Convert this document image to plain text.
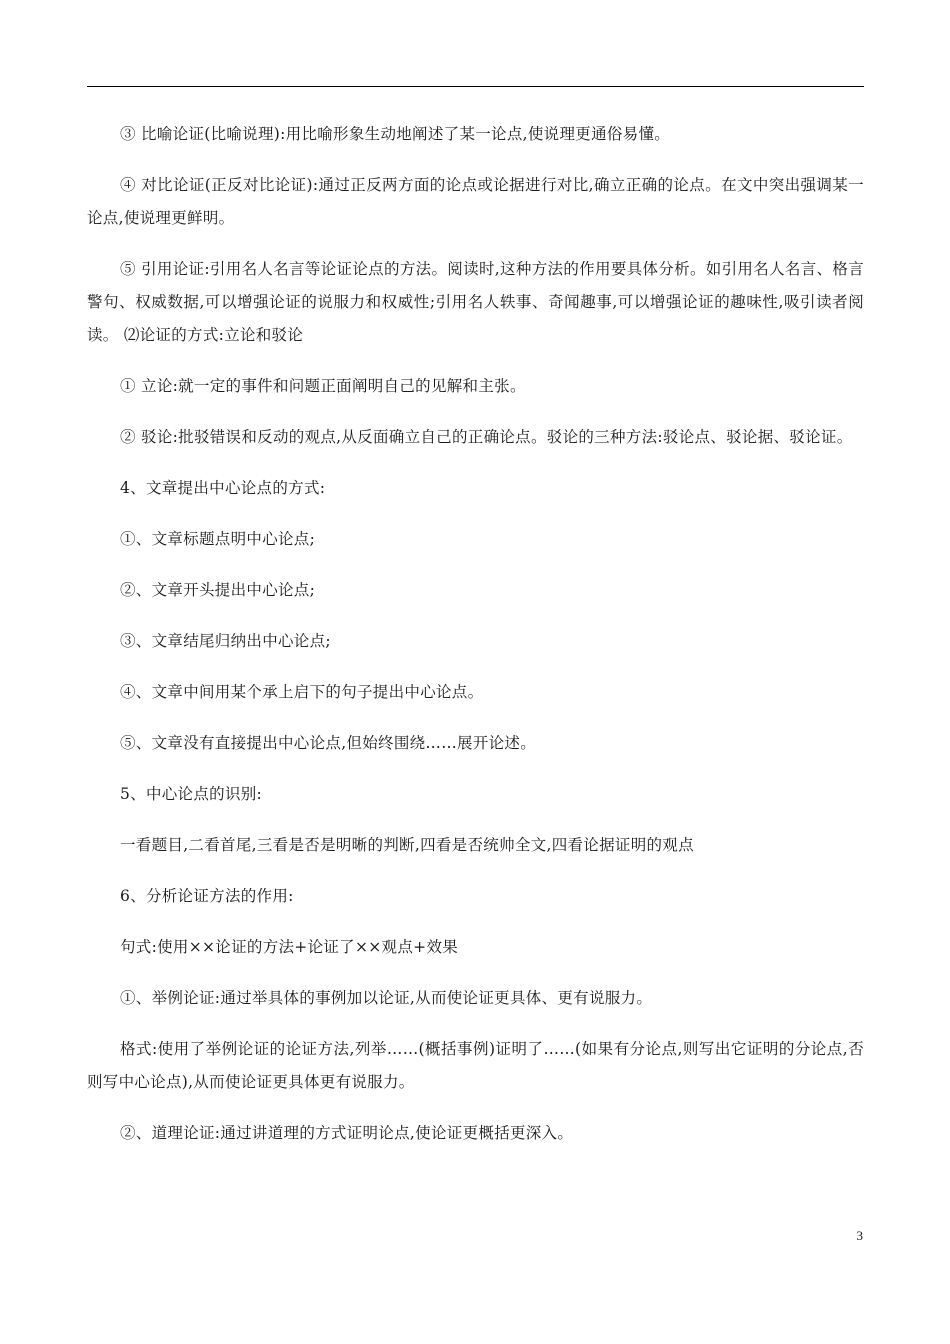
③ 比喻论证(比喻说理):用比喻形象生动地阐述了某一论点,使说理更通俗易懂。

④ 对比论证(正反对比论证):通过正反两方面的论点或论据进行对比,确立正确的论点。在文中突出强调某一论点,使说理更鲜明。

⑤ 引用论证:引用名人名言等论证论点的方法。阅读时,这种方法的作用要具体分析。如引用名人名言、格言警句、权威数据,可以增强论证的说服力和权威性;引用名人轶事、奇闻趣事,可以增强论证的趣味性,吸引读者阅读。 ⑵论证的方式:立论和驳论

① 立论:就一定的事件和问题正面阐明自己的见解和主张。

② 驳论:批驳错误和反动的观点,从反面确立自己的正确论点。驳论的三种方法:驳论点、驳论据、驳论证。

4、文章提出中心论点的方式:

①、文章标题点明中心论点;

②、文章开头提出中心论点;

③、文章结尾归纳出中心论点;

④、文章中间用某个承上启下的句子提出中心论点。

⑤、文章没有直接提出中心论点,但始终围绕……展开论述。

5、中心论点的识别:

一看题目,二看首尾,三看是否是明晰的判断,四看是否统帅全文,四看论据证明的观点

6、分析论证方法的作用:

句式:使用××论证的方法+论证了××观点+效果

①、举例论证:通过举具体的事例加以论证,从而使论证更具体、更有说服力。

格式:使用了举例论证的论证方法,列举……(概括事例)证明了……(如果有分论点,则写出它证明的分论点,否则写中心论点),从而使论证更具体更有说服力。

②、道理论证:通过讲道理的方式证明论点,使论证更概括更深入。

3
